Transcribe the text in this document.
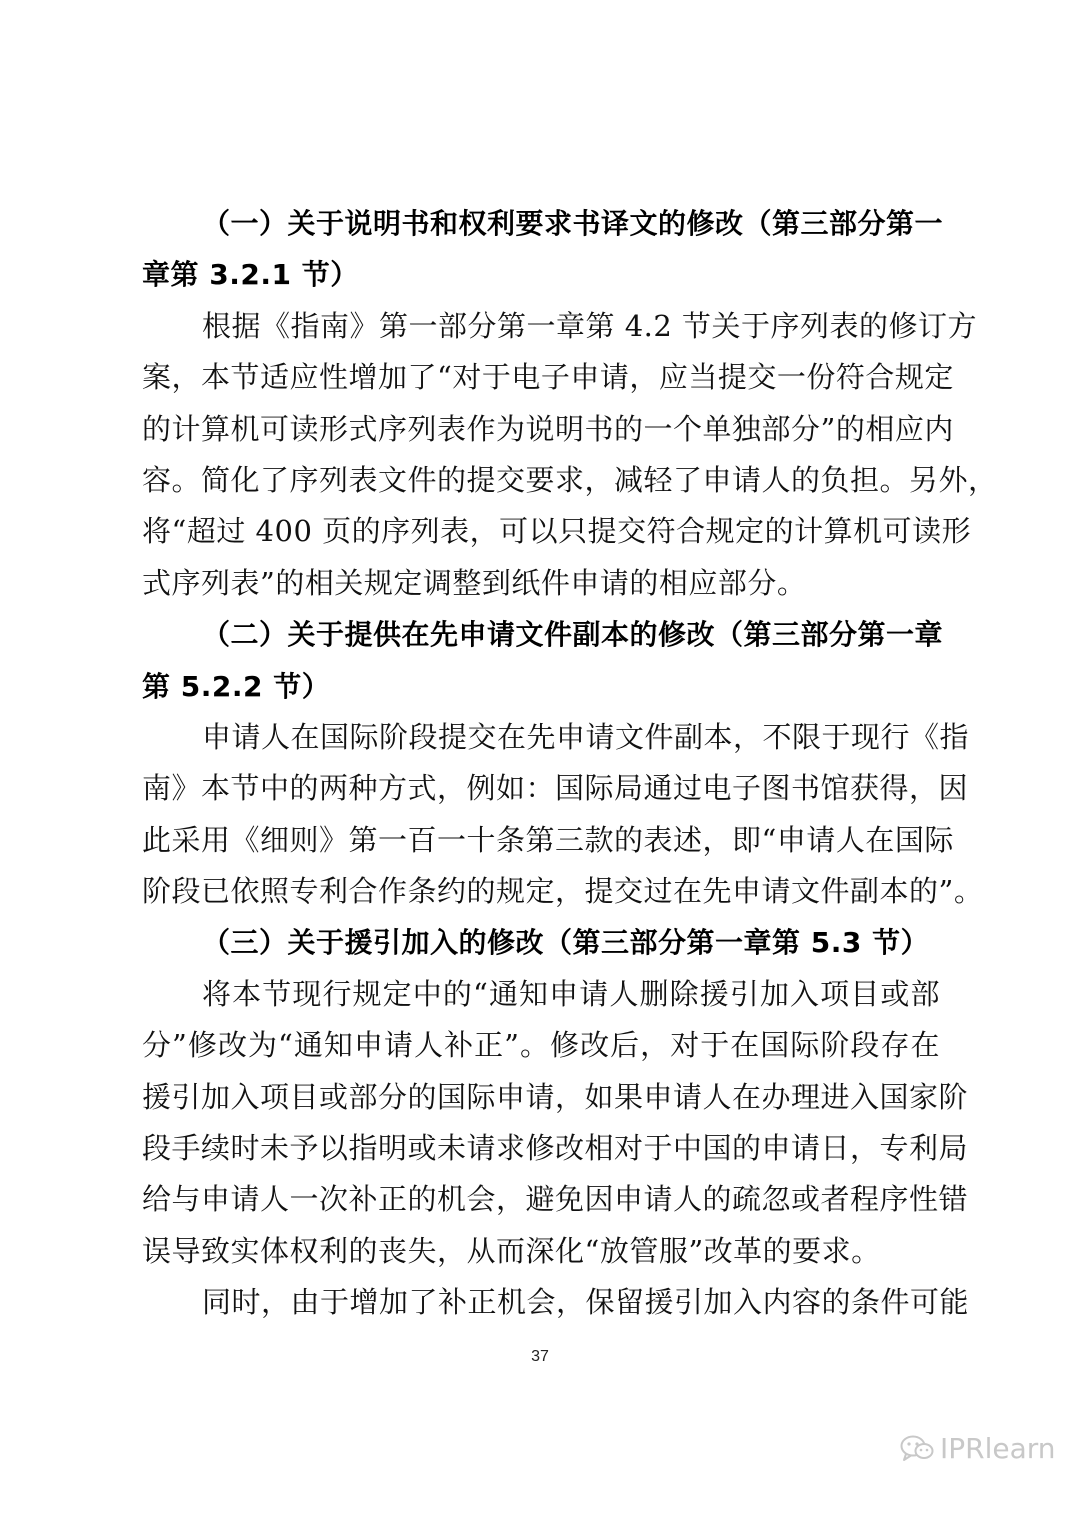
（一）关于说明书和权利要求书译文的修改（第三部分第一
章第 3.2.1 节）
根据《指南》第一部分第一章第 4.2 节关于序列表的修订方
案，本节适应性增加了“对于电子申请，应当提交一份符合规定
的计算机可读形式序列表作为说明书的一个单独部分”的相应内
容。简化了序列表文件的提交要求，减轻了申请人的负担。另外，
将“超过 400 页的序列表，可以只提交符合规定的计算机可读形
式序列表”的相关规定调整到纸件申请的相应部分。
（二）关于提供在先申请文件副本的修改（第三部分第一章
第 5.2.2 节）
申请人在国际阶段提交在先申请文件副本，不限于现行《指
南》本节中的两种方式，例如：国际局通过电子图书馆获得，因
此采用《细则》第一百一十条第三款的表述，即“申请人在国际
阶段已依照专利合作条约的规定，提交过在先申请文件副本的”。
（三）关于援引加入的修改（第三部分第一章第 5.3 节）
将本节现行规定中的“通知申请人删除援引加入项目或部
分”修改为“通知申请人补正”。修改后，对于在国际阶段存在
援引加入项目或部分的国际申请，如果申请人在办理进入国家阶
段手续时未予以指明或未请求修改相对于中国的申请日，专利局
给与申请人一次补正的机会，避免因申请人的疏忽或者程序性错
误导致实体权利的丧失，从而深化“放管服”改革的要求。
同时，由于增加了补正机会，保留援引加入内容的条件可能
37
IPRlearn
